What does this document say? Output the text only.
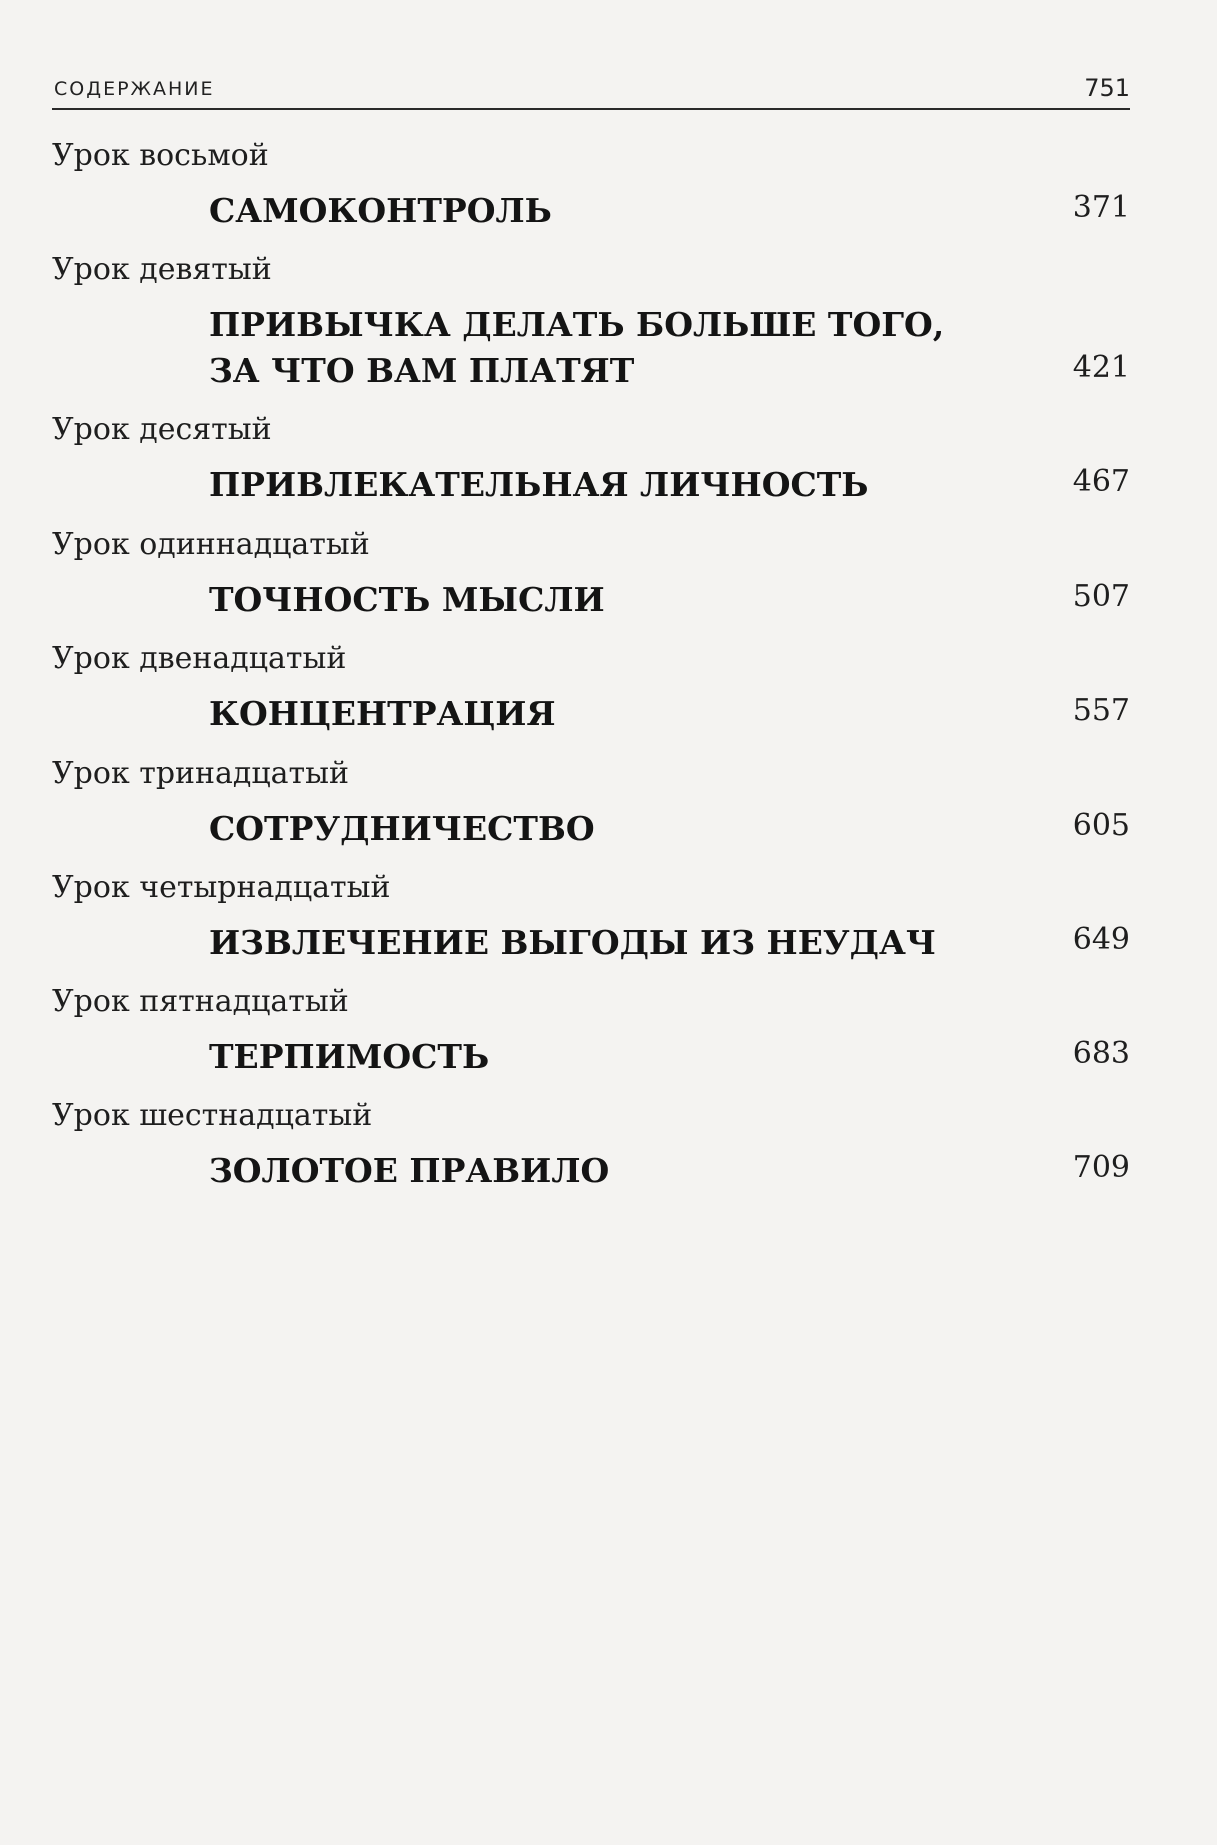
СОДЕРЖАНИЕ	751
Урок восьмой
САМОКОНТРОЛЬ	371
Урок девятый
ПРИВЫЧКА ДЕЛАТЬ БОЛЬШЕ ТОГО,
ЗА ЧТО ВАМ ПЛАТЯТ	421
Урок десятый
ПРИВЛЕКАТЕЛЬНАЯ ЛИЧНОСТЬ	467
Урок одиннадцатый
ТОЧНОСТЬ МЫСЛИ	507
Урок двенадцатый
КОНЦЕНТРАЦИЯ	557
Урок тринадцатый
СОТРУДНИЧЕСТВО	605
Урок четырнадцатый
ИЗВЛЕЧЕНИЕ ВЫГОДЫ ИЗ НЕУДАЧ	649
Урок пятнадцатый
ТЕРПИМОСТЬ	683
Урок шестнадцатый
ЗОЛОТОЕ ПРАВИЛО	709
